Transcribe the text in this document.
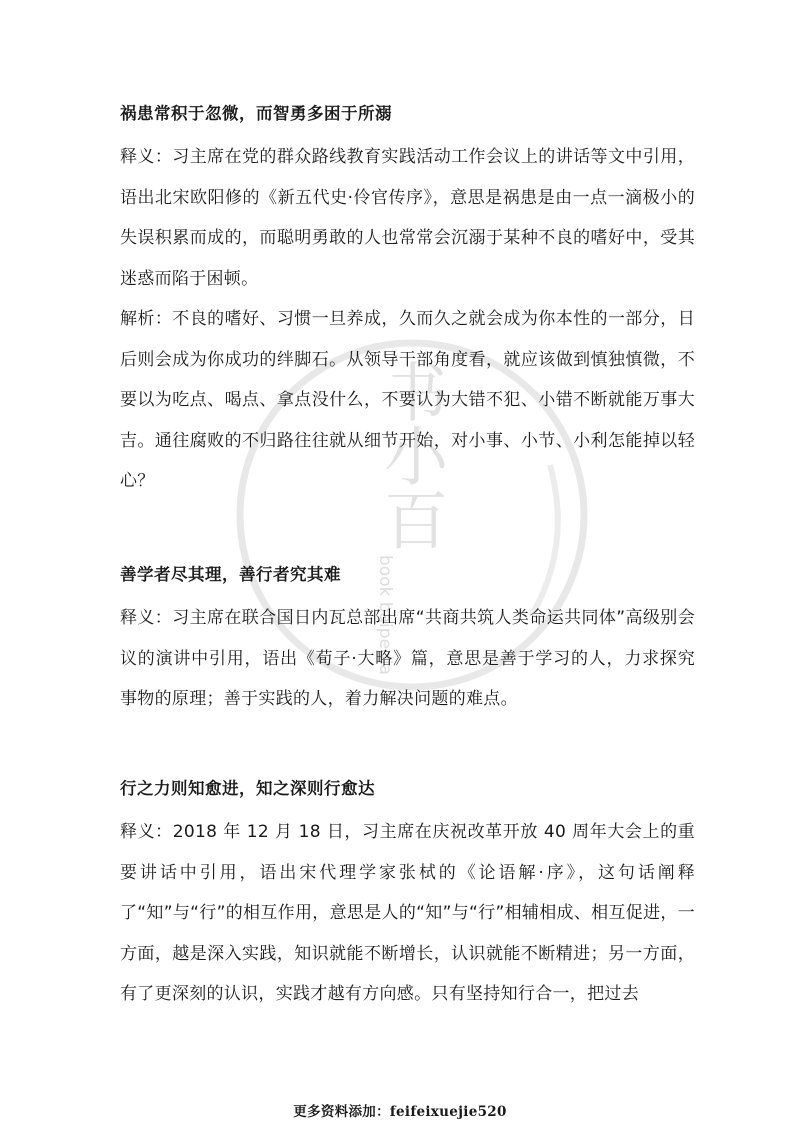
书小百
book baipedia

祸患常积于忽微，而智勇多困于所溺

释义：习主席在党的群众路线教育实践活动工作会议上的讲话等文中引用，语出北宋欧阳修的《新五代史·伶官传序》，意思是祸患是由一点一滴极小的失误积累而成的，而聪明勇敢的人也常常会沉溺于某种不良的嗜好中，受其迷惑而陷于困顿。

解析：不良的嗜好、习惯一旦养成，久而久之就会成为你本性的一部分，日后则会成为你成功的绊脚石。从领导干部角度看，就应该做到慎独慎微，不要以为吃点、喝点、拿点没什么，不要认为大错不犯、小错不断就能万事大吉。通往腐败的不归路往往就从细节开始，对小事、小节、小利怎能掉以轻心？

善学者尽其理，善行者究其难

释义：习主席在联合国日内瓦总部出席“共商共筑人类命运共同体”高级别会议的演讲中引用，语出《荀子·大略》篇，意思是善于学习的人，力求探究事物的原理；善于实践的人，着力解决问题的难点。

行之力则知愈进，知之深则行愈达

释义：2018 年 12 月 18 日，习主席在庆祝改革开放 40 周年大会上的重要讲话中引用，语出宋代理学家张栻的《论语解·序》，这句话阐释了“知”与“行”的相互作用，意思是人的“知”与“行”相辅相成、相互促进，一方面，越是深入实践，知识就能不断增长，认识就能不断精进；另一方面，有了更深刻的认识，实践才越有方向感。只有坚持知行合一，把过去

更多资料添加：feifeixuejie520
